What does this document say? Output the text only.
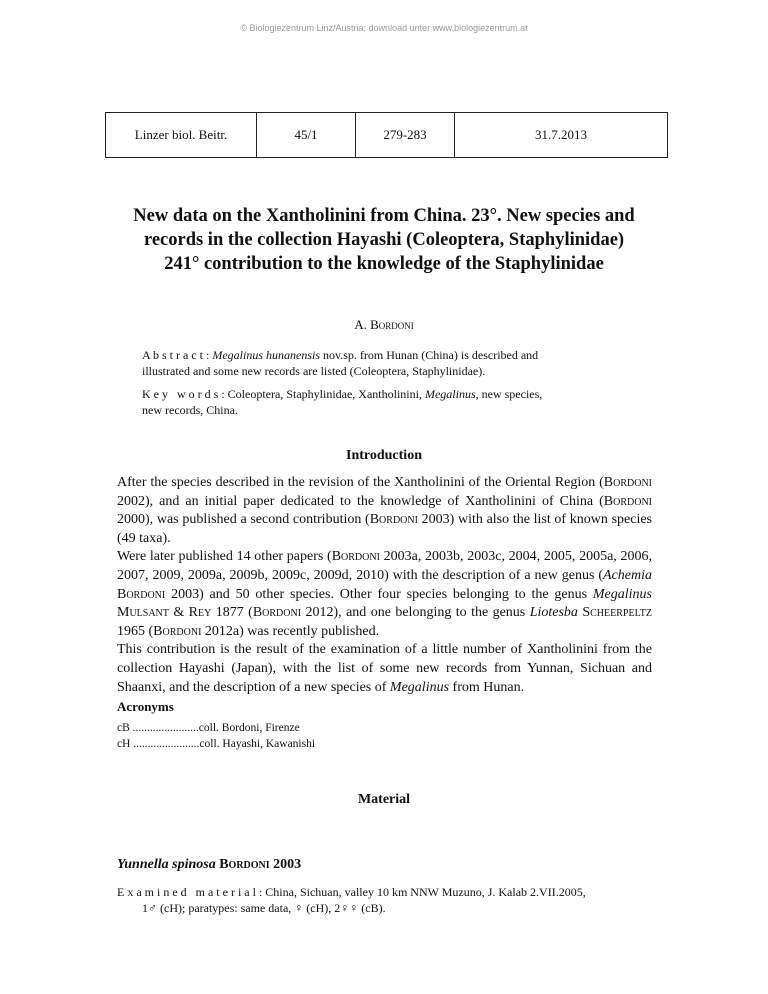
© Biologiezentrum Linz/Austria; download unter www.biologiezentrum.at
Linzer biol. Beitr.	45/1	279-283	31.7.2013
New data on the Xantholinini from China. 23°. New species and
records in the collection Hayashi (Coleoptera, Staphylinidae)
241° contribution to the knowledge of the Staphylinidae
A. Bordoni
A b s t r a c t : Megalinus hunanensis nov.sp. from Hunan (China) is described and
illustrated and some new records are listed (Coleoptera, Staphylinidae).
K e y   w o r d s : Coleoptera, Staphylinidae, Xantholinini, Megalinus, new species,
new records, China.
Introduction

After the species described in the revision of the Xantholinini of the Oriental Region (Bordoni 2002), and an initial paper dedicated to the knowledge of Xantholinini of China (Bordoni 2000), was published a second contribution (Bordoni 2003) with also the list of known species (49 taxa).

Were later published 14 other papers (Bordoni 2003a, 2003b, 2003c, 2004, 2005, 2005a, 2006, 2007, 2009, 2009a, 2009b, 2009c, 2009d, 2010) with the description of a new genus (Achemia Bordoni 2003) and 50 other species. Other four species belonging to the genus Megalinus Mulsant & Rey 1877 (Bordoni 2012), and one belonging to the genus Liotesba Scheerpeltz 1965 (Bordoni 2012a) was recently published.

This contribution is the result of the examination of a little number of Xantholinini from the collection Hayashi (Japan), with the list of some new records from Yunnan, Sichuan and Shaanxi, and the description of a new species of Megalinus from Hunan.

Acronyms
cB .......................coll. Bordoni, Firenze
cH .......................coll. Hayashi, Kawanishi
Material
Yunnella spinosa Bordoni 2003
E x a m i n e d   m a t e r i a l : China, Sichuan, valley 10 km NNW Muzuno, J. Kalab 2.VII.2005,
1♂ (cH); paratypes: same data, ♀ (cH), 2♀♀ (cB).
